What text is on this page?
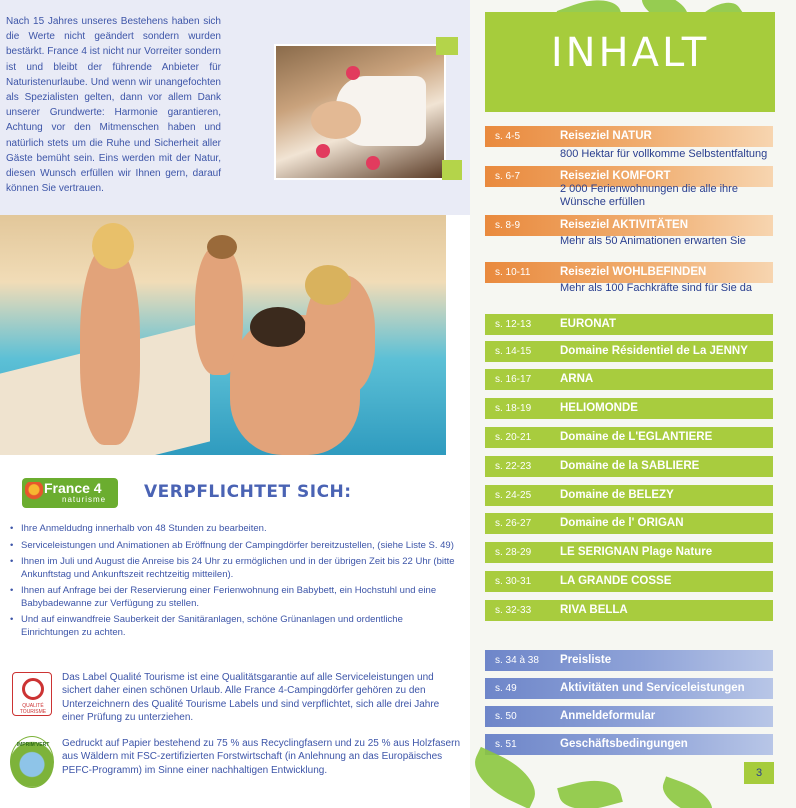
Nach 15 Jahres unseres Bestehens haben sich die Werte nicht geändert sondern wurden bestärkt. France 4 ist nicht nur Vorreiter sondern ist und bleibt der führende Anbieter für Naturistenurlaube. Und wenn wir unangefochten als Spezialisten gelten, dann vor allem Dank unserer Grundwerte: Harmonie garantieren, Achtung vor den Mitmenschen haben und natürlich stets um die Ruhe und Sicherheit aller Gäste bemüht sein. Eins werden mit der Natur, diesen Wunsch erfüllen wir Ihnen gern, darauf können Sie vertrauen.

INHALT
s. 4-5	Reiseziel NATUR
800 Hektar für vollkomme Selbstentfaltung
s. 6-7	Reiseziel KOMFORT
2 000 Ferienwohnungen die alle ihre Wünsche erfüllen
s. 8-9	Reiseziel AKTIVITÄTEN
Mehr als 50 Animationen erwarten Sie
s. 10-11	Reiseziel WOHLBEFINDEN
Mehr als 100 Fachkräfte sind für Sie da
s. 12-13	EURONAT
s. 14-15	Domaine Résidentiel de La JENNY
s. 16-17	ARNA
s. 18-19	HELIOMONDE
s. 20-21	Domaine de L'EGLANTIERE
s. 22-23	Domaine de la SABLIERE
s. 24-25	Domaine de BELEZY
s. 26-27	Domaine de l' ORIGAN
s. 28-29	LE SERIGNAN Plage Nature
s. 30-31	LA GRANDE COSSE
s. 32-33	RIVA BELLA
s. 34 à 38 Preisliste
s. 49	Aktivitäten und Serviceleistungen
s. 50	Anmeldeformular
s. 51	Geschäftsbedingungen
France 4
naturisme VERPFLICHTET SICH:
• Ihre Anmeldudng innerhalb von 48 Stunden zu bearbeiten.
• Serviceleistungen und Animationen ab Eröffnung der Campingdörfer bereitzustellen, (siehe Liste S. 49)
• Ihnen im Juli und August die Anreise bis 24 Uhr zu ermöglichen und in der übrigen Zeit bis 22 Uhr (bitte Ankunftstag und Ankunftszeit rechtzeitig mitteilen).
• Ihnen auf Anfrage bei der Reservierung einer Ferienwohnung ein Babybett, ein Hochstuhl und eine Babybadewanne zur Verfügung zu stellen.
• Und auf einwandfreie Sauberkeit der Sanitäranlagen, schöne Grünanlagen und ordentliche Einrichtungen zu achten.
QUALITÉ TOURISME

Das Label Qualité Tourisme ist eine Qualitätsgarantie auf alle Serviceleistungen und sichert daher einen schönen Urlaub. Alle France 4-Campingdörfer gehören zu den Unterzeichnern des Qualité Tourisme Labels und sind verpflichtet, sich alle drei Jahre einer Prüfung zu unterziehen.

IMPRIM'VERT	Gedruckt auf Papier bestehend zu 75 % aus Recyclingfasern und zu 25 % aus Holzfasern aus Wäldern mit FSC-zertifizierten Forstwirtschaft (in Anlehnung an das Europäisches PEFC-Programm) im Sinne einer nachhaltigen Entwicklung.	3
